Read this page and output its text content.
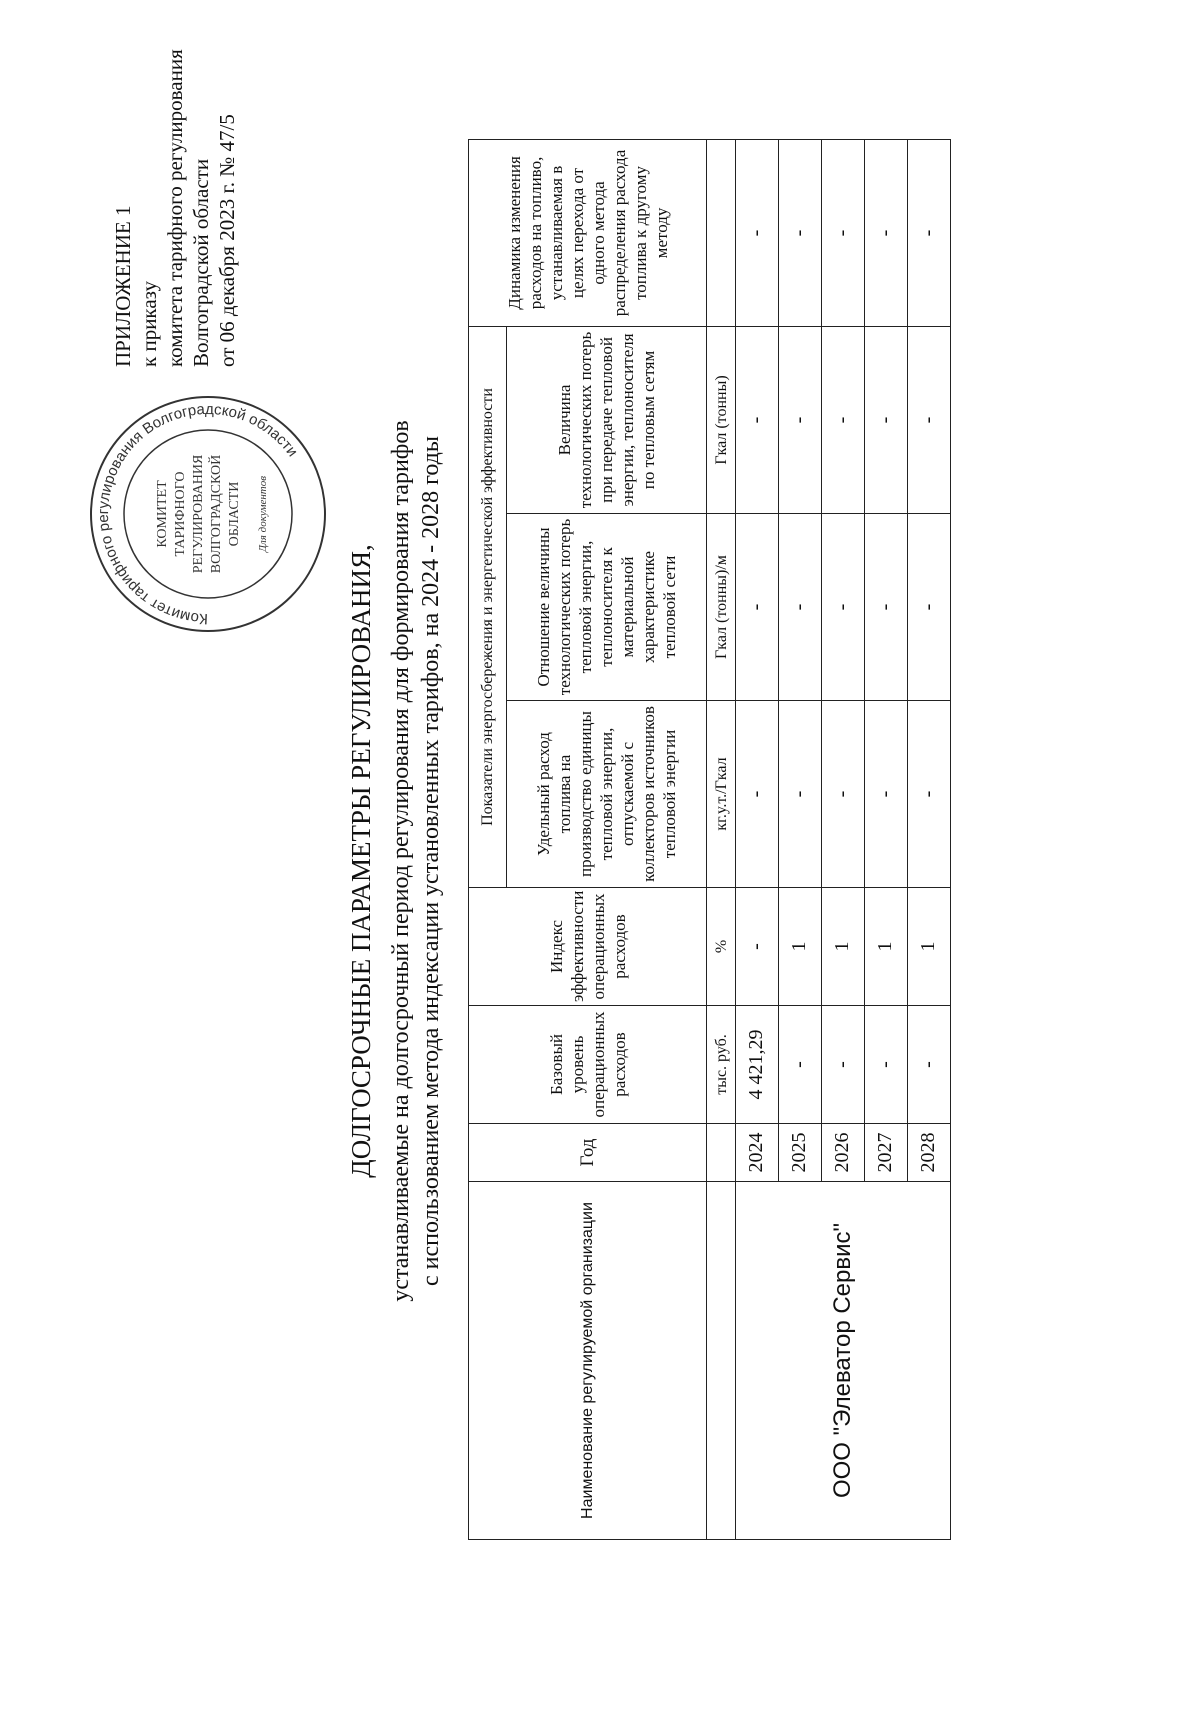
ПРИЛОЖЕНИЕ 1 к приказу комитета тарифного регулирования Волгоградской области от 06 декабря 2023 г. № 47/5
Комитет тарифного регулирования Волгоградской области
КОМИТЕТ ТАРИФНОГО РЕГУЛИРОВАНИЯ ВОЛГОГРАДСКОЙ ОБЛАСТИ Для документов
ДОЛГОСРОЧНЫЕ ПАРАМЕТРЫ РЕГУЛИРОВАНИЯ, устанавливаемые на долгосрочный период регулирования для формирования тарифов с использованием метода индексации установленных тарифов, на 2024 - 2028 годы
Наименование регулируемой организации	Год	Базовый уровень операционных расходов	Индекс эффективности операционных расходов	Показатели энергосбережения и энергетической эффективности			Динамика изменения расходов на топливо, устанавливаемая в целях перехода от одного метода распределения расхода топлива к другому методу
				Удельный расход топлива на производство единицы тепловой энергии, отпускаемой с коллекторов источников тепловой энергии	Отношение величины технологических потерь тепловой энергии, теплоносителя к материальной характеристике тепловой сети	Величина технологических потерь при передаче тепловой энергии, теплоносителя по тепловым сетям	
		тыс. руб.	%	кг.у.т./Гкал	Гкал (тонны)/м	Гкал (тонны)	
ООО "Элеватор Сервис"	2024	4 421,29	-	-	-	-	-
	2025	-	1	-	-	-	-
	2026	-	1	-	-	-	-
	2027	-	1	-	-	-	-
	2028	-	1	-	-	-	-
